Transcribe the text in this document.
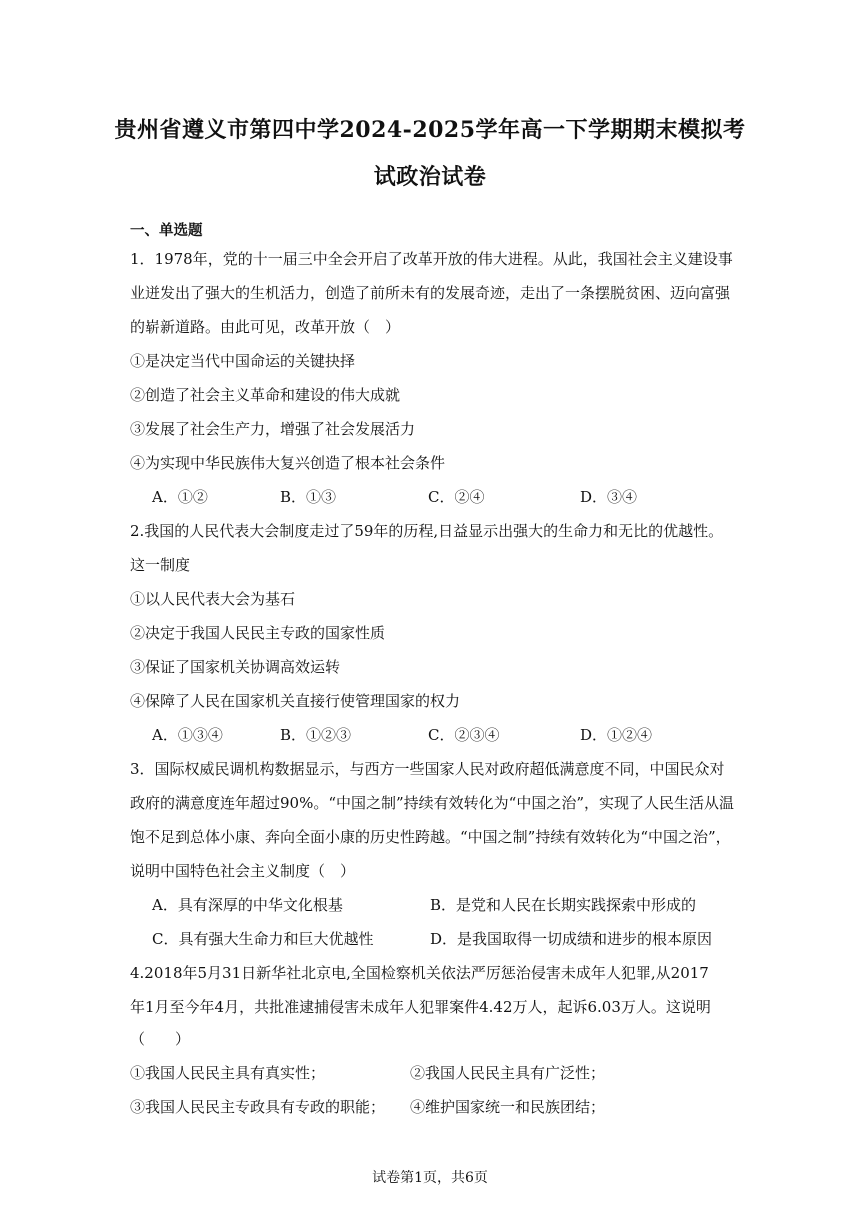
贵州省遵义市第四中学2024-2025学年高一下学期期末模拟考
试政治试卷
一、单选题
1．1978年，党的十一届三中全会开启了改革开放的伟大进程。从此，我国社会主义建设事
业迸发出了强大的生机活力，创造了前所未有的发展奇迹，走出了一条摆脱贫困、迈向富强
的崭新道路。由此可见，改革开放（　）
①是决定当代中国命运的关键抉择
②创造了社会主义革命和建设的伟大成就
③发展了社会生产力，增强了社会发展活力
④为实现中华民族伟大复兴创造了根本社会条件
A．①②	B．①③	C．②④	D．③④
2.我国的人民代表大会制度走过了59年的历程,日益显示出强大的生命力和无比的优越性。
这一制度
①以人民代表大会为基石
②决定于我国人民民主专政的国家性质
③保证了国家机关协调高效运转
④保障了人民在国家机关直接行使管理国家的权力
A．①③④	B．①②③	C．②③④	D．①②④
3．国际权威民调机构数据显示，与西方一些国家人民对政府超低满意度不同，中国民众对
政府的满意度连年超过90%。“中国之制”持续有效转化为“中国之治”，实现了人民生活从温
饱不足到总体小康、奔向全面小康的历史性跨越。“中国之制”持续有效转化为“中国之治”，
说明中国特色社会主义制度（　）
A．具有深厚的中华文化根基	B．是党和人民在长期实践探索中形成的
C．具有强大生命力和巨大优越性	D．是我国取得一切成绩和进步的根本原因
4.2018年5月31日新华社北京电,全国检察机关依法严厉惩治侵害未成年人犯罪,从2017
年1月至今年4月，共批准逮捕侵害未成年人犯罪案件4.42万人，起诉6.03万人。这说明
（　　）
①我国人民民主具有真实性；	②我国人民民主具有广泛性；
③我国人民民主专政具有专政的职能； ④维护国家统一和民族团结；
试卷第1页，共6页
